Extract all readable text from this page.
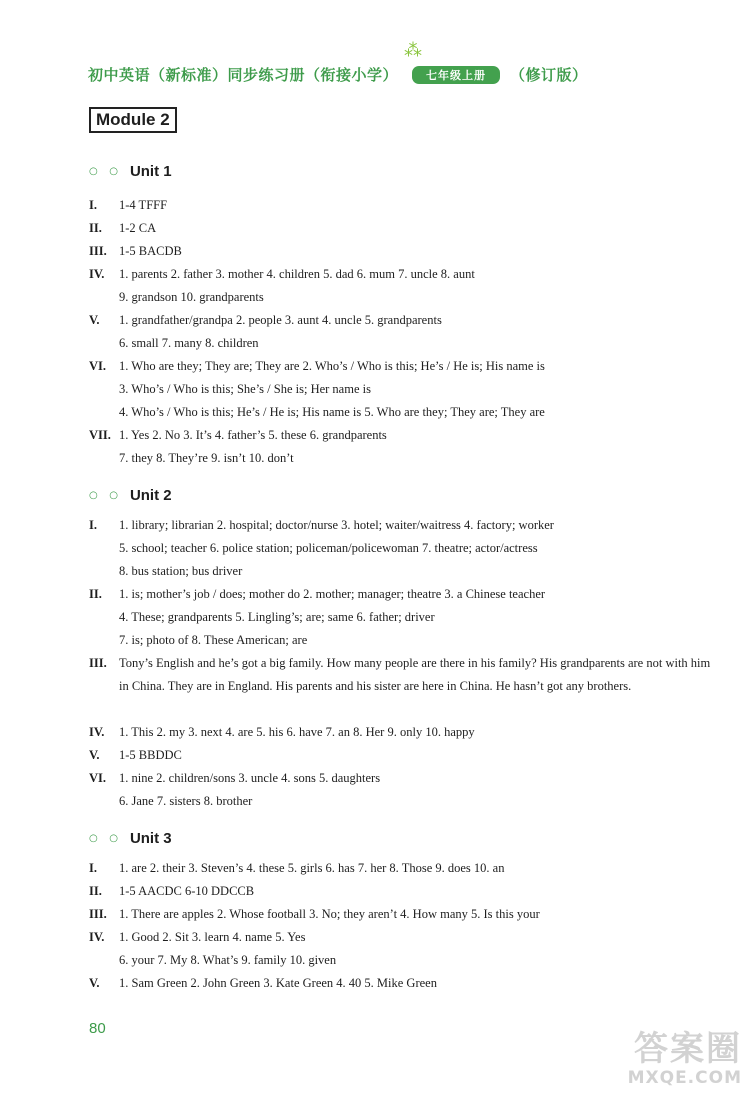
⁂
初中英语（新标准）同步练习册（衔接小学）	七年级上册	（修订版）
Module 2
○ ○ Unit 1
I. 1-4 TFFF
II. 1-2 CA
III. 1-5 BACDB
IV. 1. parents 2. father 3. mother 4. children 5. dad 6. mum 7. uncle 8. aunt
9. grandson 10. grandparents
V. 1. grandfather/grandpa 2. people 3. aunt 4. uncle 5. grandparents
6. small 7. many 8. children
VI. 1. Who are they; They are; They are 2. Who’s / Who is this; He’s / He is; His name is
3. Who’s / Who is this; She’s / She is; Her name is
4. Who’s / Who is this; He’s / He is; His name is 5. Who are they; They are; They are
VII. 1. Yes 2. No 3. It’s 4. father’s 5. these 6. grandparents
7. they 8. They’re 9. isn’t 10. don’t
○ ○ Unit 2
I. 1. library; librarian 2. hospital; doctor/nurse 3. hotel; waiter/waitress 4. factory; worker
5. school; teacher 6. police station; policeman/policewoman 7. theatre; actor/actress
8. bus station; bus driver
II. 1. is; mother’s job / does; mother do 2. mother; manager; theatre 3. a Chinese teacher
4. These; grandparents 5. Lingling’s; are; same 6. father; driver
7. is; photo of 8. These American; are
III. Tony’s English and he’s got a big family. How many people are there in his family? His grandparents are not with him in China. They are in England. His parents and his sister are here in China. He hasn’t got any brothers.
IV. 1. This 2. my 3. next 4. are 5. his 6. have 7. an 8. Her 9. only 10. happy
V. 1-5 BBDDC
VI. 1. nine 2. children/sons 3. uncle 4. sons 5. daughters
6. Jane 7. sisters 8. brother
○ ○ Unit 3
I. 1. are 2. their 3. Steven’s 4. these 5. girls 6. has 7. her 8. Those 9. does 10. an
II. 1-5 AACDC 6-10 DDCCB
III. 1. There are apples 2. Whose football 3. No; they aren’t 4. How many 5. Is this your
IV. 1. Good 2. Sit 3. learn 4. name 5. Yes
6. your 7. My 8. What’s 9. family 10. given
V. 1. Sam Green 2. John Green 3. Kate Green 4. 40 5. Mike Green
80
答案圈
MXQE.COM
